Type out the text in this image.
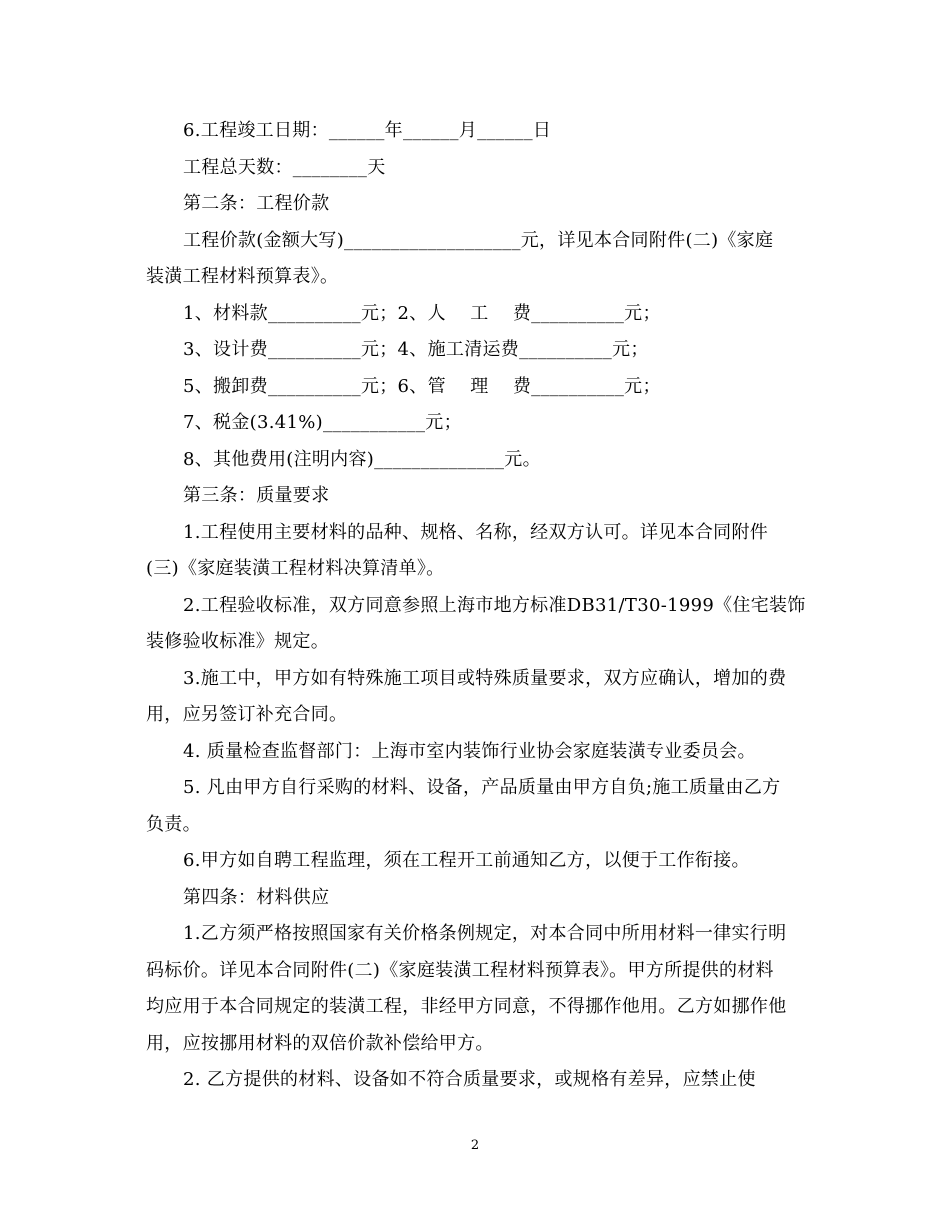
6.工程竣工日期：______年______月______日
工程总天数：________天
第二条：工程价款
工程价款(金额大写)___________________元，详见本合同附件(二)《家庭
装潢工程材料预算表》。
1、材料款__________元；2、人　 工　 费__________元；
3、设计费__________元；4、施工清运费__________元；
5、搬卸费__________元；6、管　 理　 费__________元；
7、税金(3.41%)___________元；
8、其他费用(注明内容)______________元。
第三条：质量要求
1.工程使用主要材料的品种、规格、名称，经双方认可。详见本合同附件
(三)《家庭装潢工程材料决算清单》。
2.工程验收标准，双方同意参照上海市地方标准DB31/T30-1999《住宅装饰
装修验收标准》规定。
3.施工中，甲方如有特殊施工项目或特殊质量要求，双方应确认，增加的费
用，应另签订补充合同。
4. 质量检查监督部门：上海市室内装饰行业协会家庭装潢专业委员会。
5. 凡由甲方自行采购的材料、设备，产品质量由甲方自负;施工质量由乙方
负责。
6.甲方如自聘工程监理，须在工程开工前通知乙方，以便于工作衔接。
第四条：材料供应
1.乙方须严格按照国家有关价格条例规定，对本合同中所用材料一律实行明
码标价。详见本合同附件(二)《家庭装潢工程材料预算表》。甲方所提供的材料
均应用于本合同规定的装潢工程，非经甲方同意，不得挪作他用。乙方如挪作他
用，应按挪用材料的双倍价款补偿给甲方。
2. 乙方提供的材料、设备如不符合质量要求，或规格有差异，应禁止使
2
